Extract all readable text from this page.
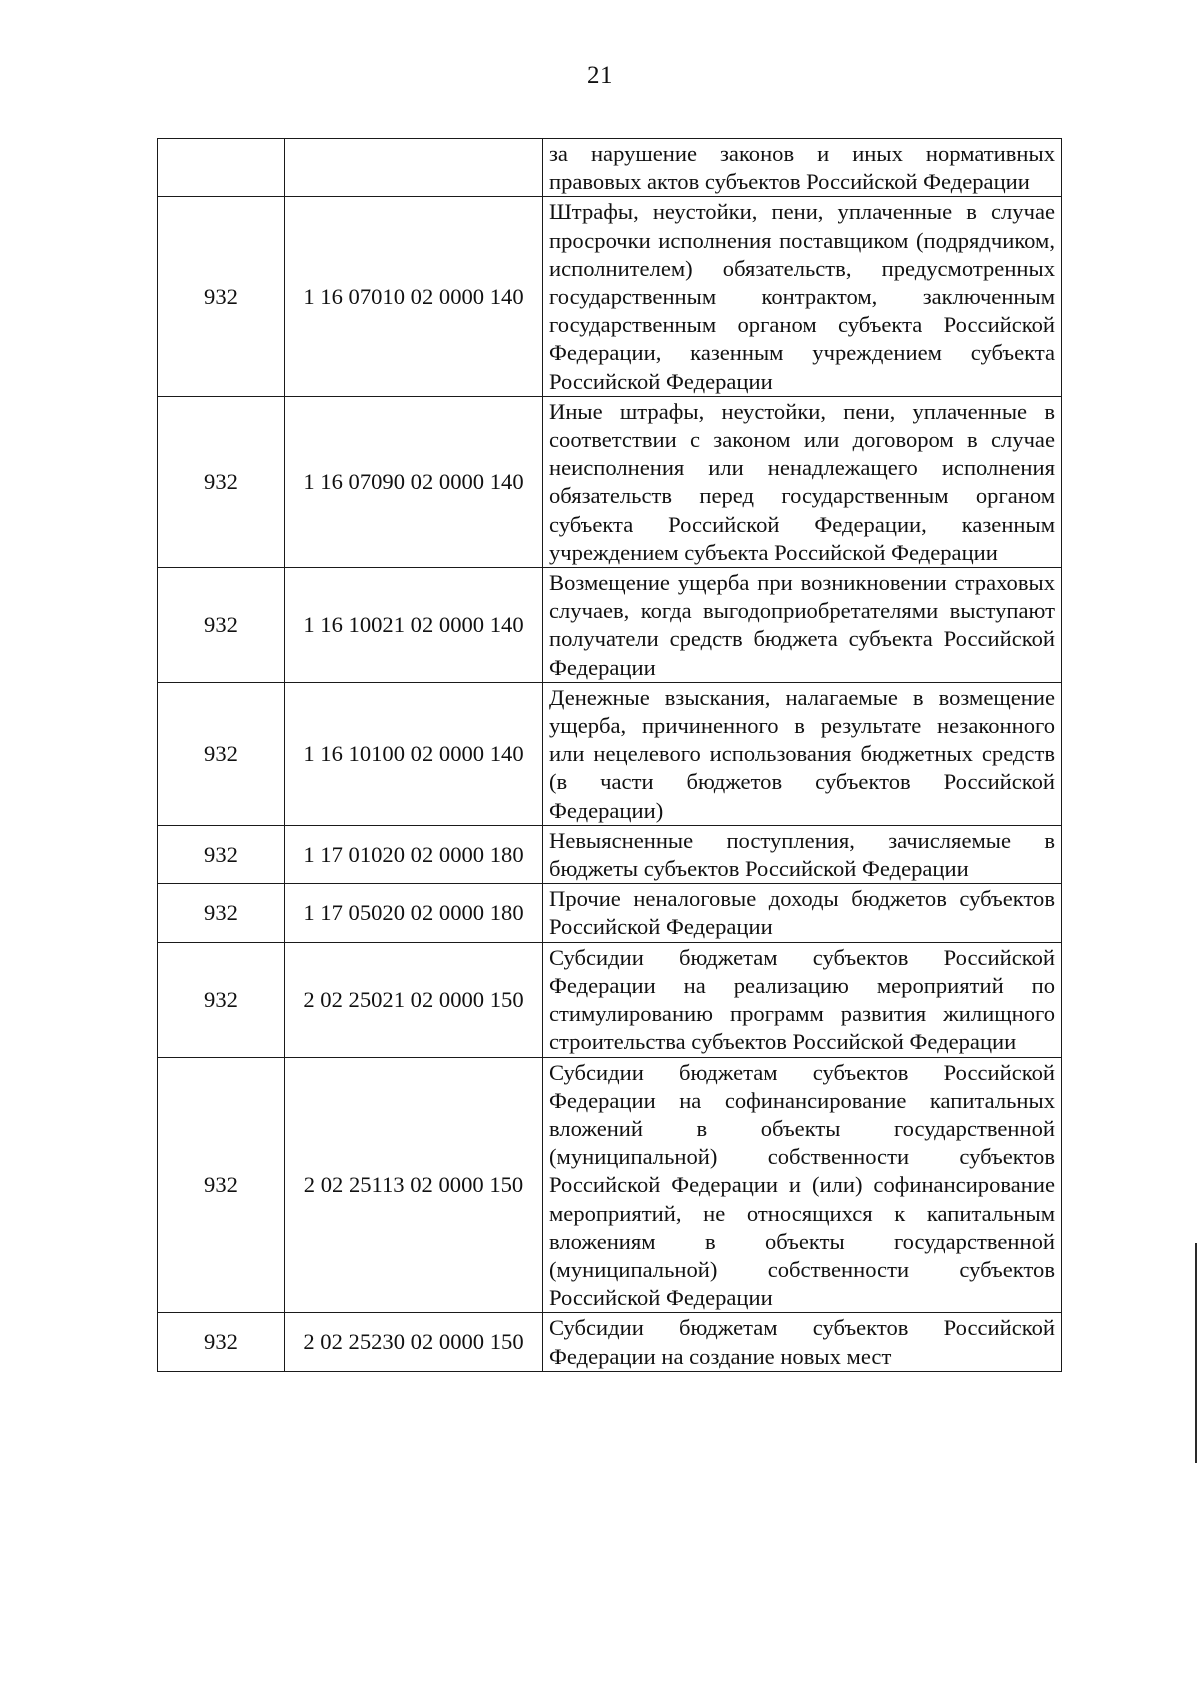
21
		за нарушение законов и иных нормативных правовых актов субъектов Российской Федерации
932	1 16 07010 02 0000 140	Штрафы, неустойки, пени, уплаченные в случае просрочки исполнения поставщиком (подрядчиком, исполнителем) обязательств, предусмотренных государственным контрактом, заключенным государственным органом субъекта Российской Федерации, казенным учреждением субъекта Российской Федерации
932	1 16 07090 02 0000 140	Иные штрафы, неустойки, пени, уплаченные в соответствии с законом или договором в случае неисполнения или ненадлежащего исполнения обязательств перед государственным органом субъекта Российской Федерации, казенным учреждением субъекта Российской Федерации
932	1 16 10021 02 0000 140	Возмещение ущерба при возникновении страховых случаев, когда выгодоприобретателями выступают получатели средств бюджета субъекта Российской Федерации
932	1 16 10100 02 0000 140	Денежные взыскания, налагаемые в возмещение ущерба, причиненного в результате незаконного или нецелевого использования бюджетных средств (в части бюджетов субъектов Российской Федерации)
932	1 17 01020 02 0000 180	Невыясненные поступления, зачисляемые в бюджеты субъектов Российской Федерации
932	1 17 05020 02 0000 180	Прочие неналоговые доходы бюджетов субъектов Российской Федерации
932	2 02 25021 02 0000 150	Субсидии бюджетам субъектов Российской Федерации на реализацию мероприятий по стимулированию программ развития жилищного строительства субъектов Российской Федерации
932	2 02 25113 02 0000 150	Субсидии бюджетам субъектов Российской Федерации на софинансирование капитальных вложений в объекты государственной (муниципальной) собственности субъектов Российской Федерации и (или) софинансирование мероприятий, не относящихся к капитальным вложениям в объекты государственной (муниципальной) собственности субъектов Российской Федерации
932	2 02 25230 02 0000 150	Субсидии бюджетам субъектов Российской Федерации на создание новых мест
